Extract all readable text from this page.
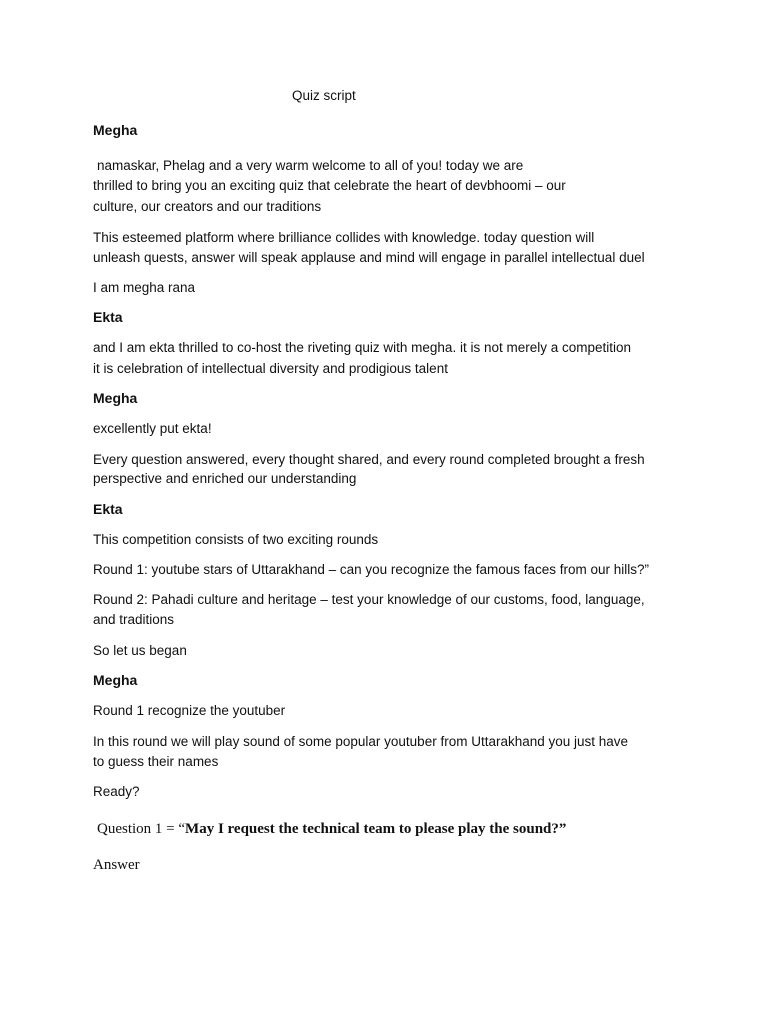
Quiz script
Megha
namaskar, Phelag and a very warm welcome to all of you! today we are
thrilled to bring you an exciting quiz that celebrate the heart of devbhoomi – our
culture, our creators and our traditions
This esteemed platform where brilliance collides with knowledge. today question will
unleash quests, answer will speak applause and mind will engage in parallel intellectual duel
I am megha rana
Ekta
and I am ekta thrilled to co-host the riveting quiz with megha. it is not merely a competition
it is celebration of intellectual diversity and prodigious talent
Megha
excellently put ekta!
Every question answered, every thought shared, and every round completed brought a fresh
perspective and enriched our understanding
Ekta
This competition consists of two exciting rounds
Round 1: youtube stars of Uttarakhand – can you recognize the famous faces from our hills?”
Round 2: Pahadi culture and heritage – test your knowledge of our customs, food, language,
and traditions
So let us began
Megha
Round 1 recognize the youtuber
In this round we will play sound of some popular youtuber from Uttarakhand you just have
to guess their names
Ready?
Question 1 = “May I request the technical team to please play the sound?”
Answer
